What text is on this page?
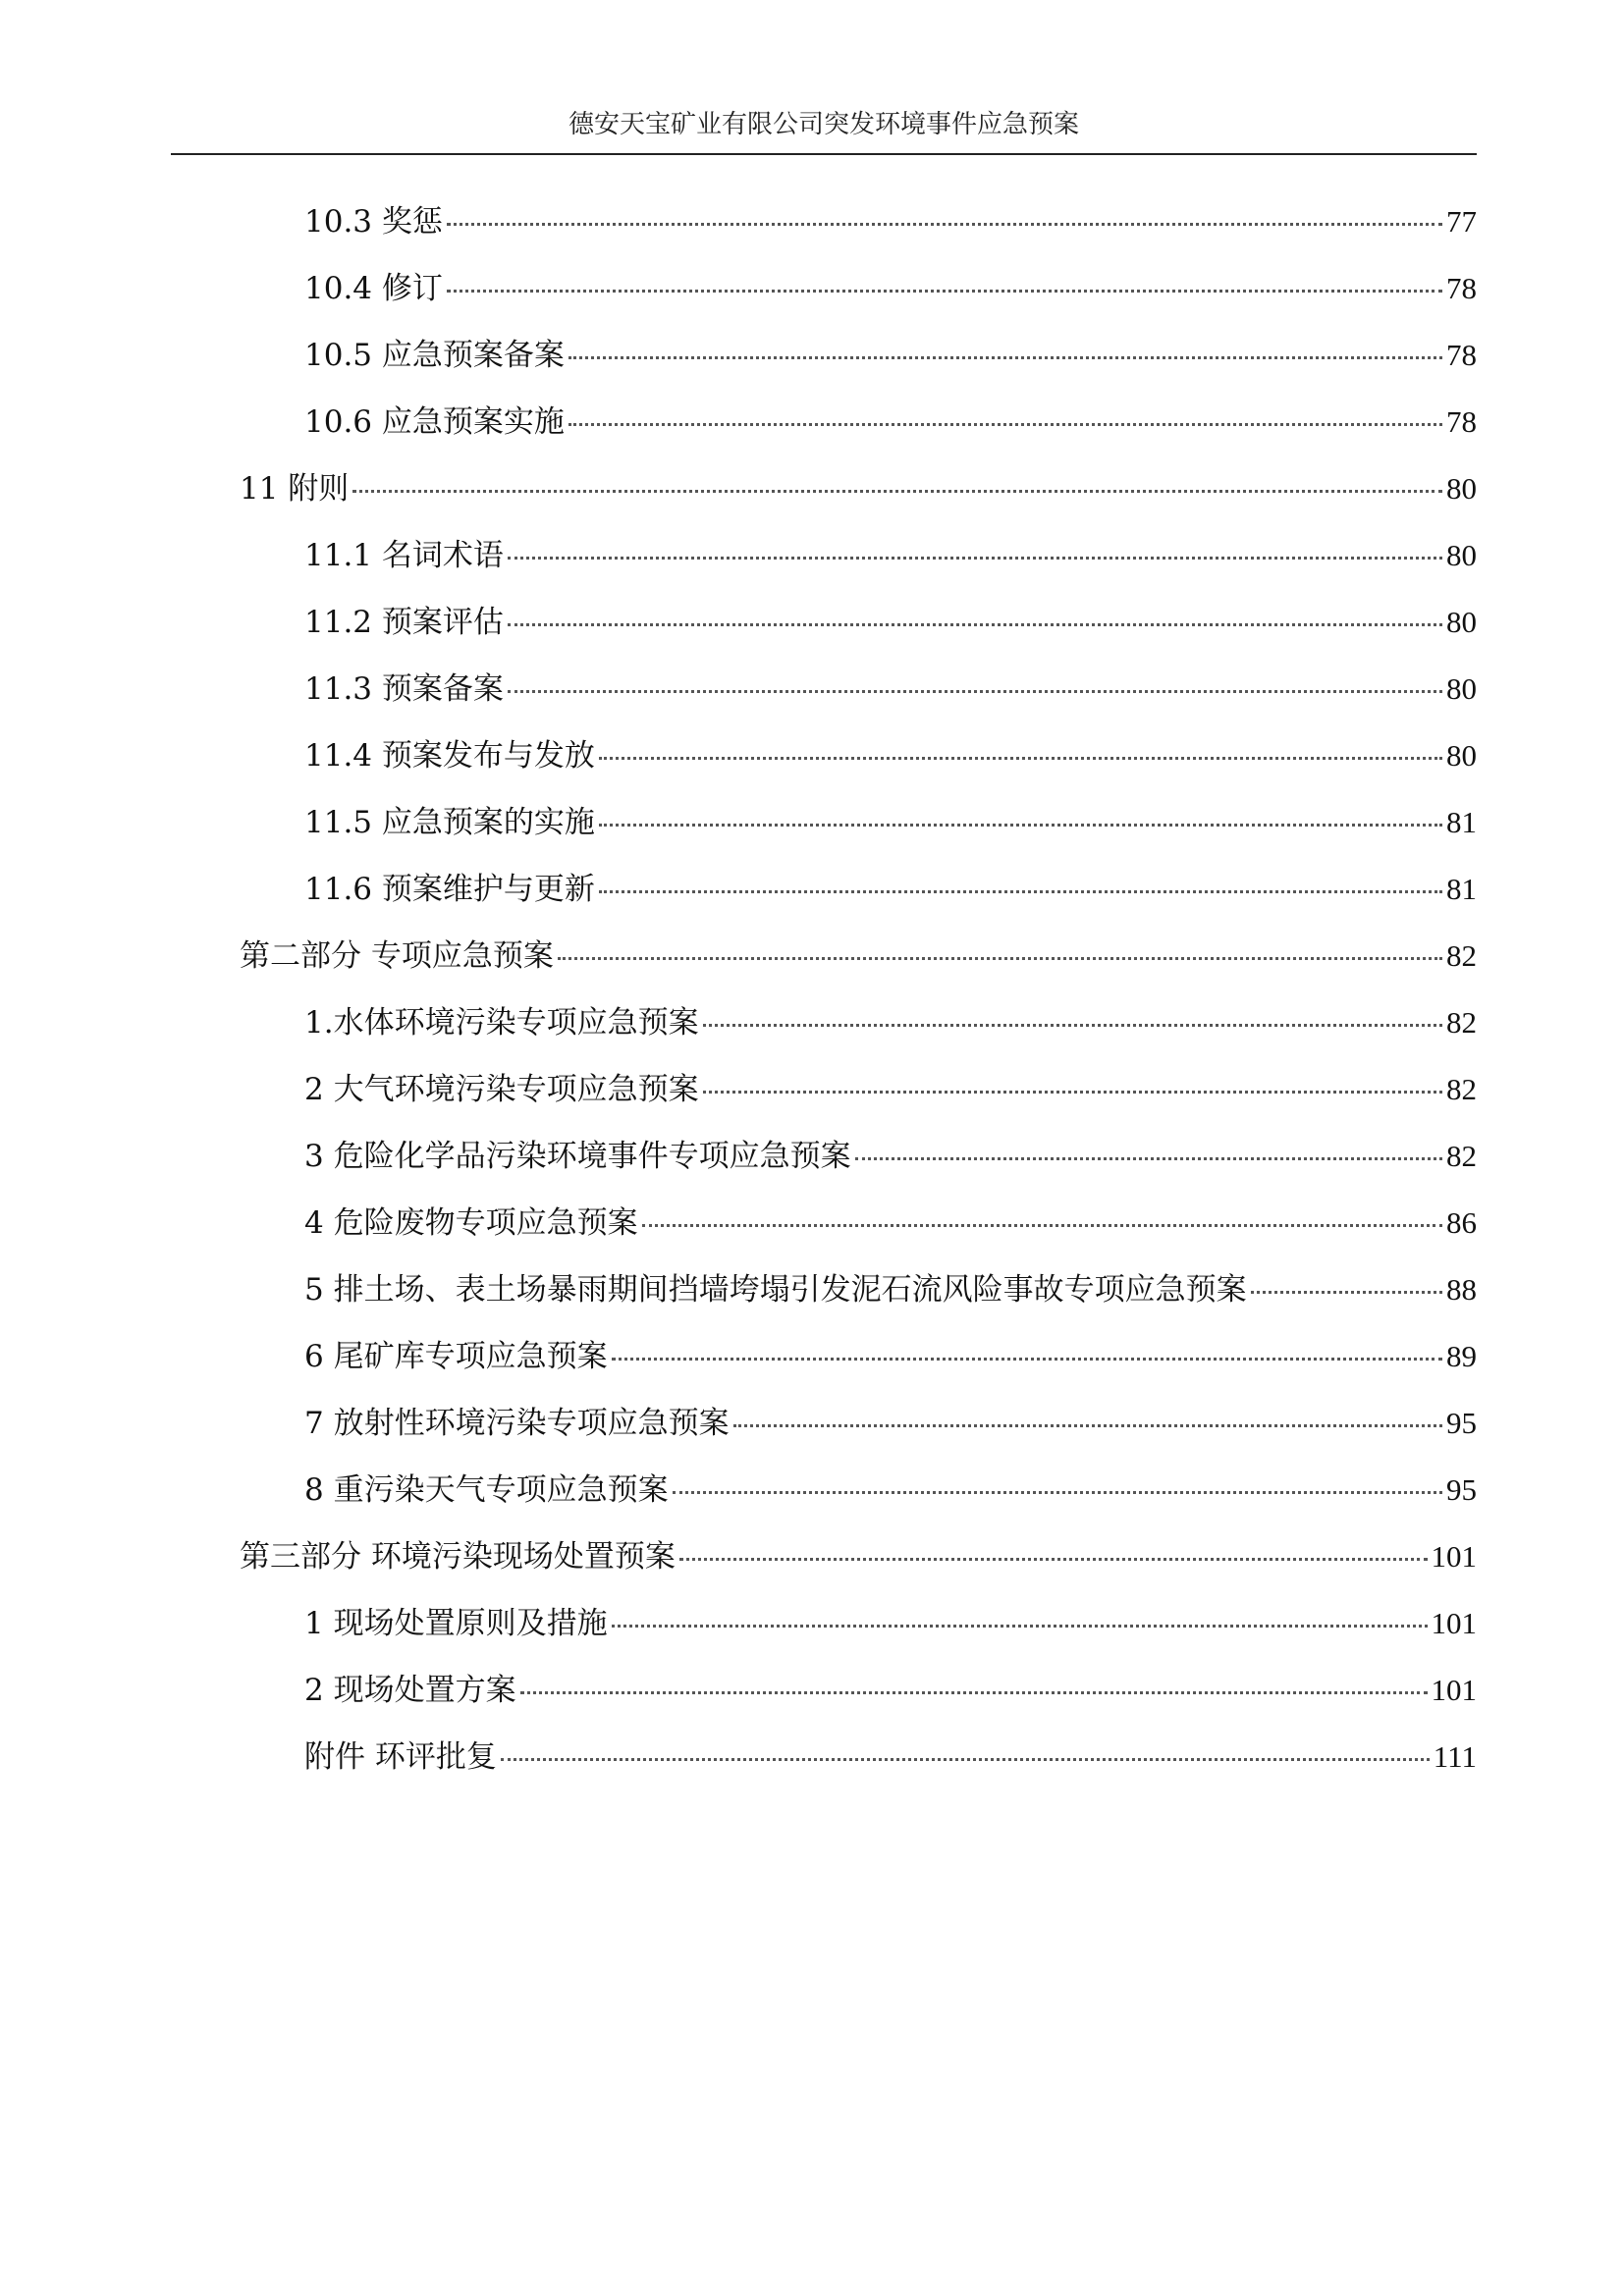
德安天宝矿业有限公司突发环境事件应急预案
10.3 奖惩	77
10.4 修订	78
10.5 应急预案备案	78
10.6 应急预案实施	78
11 附则	80
11.1 名词术语	80
11.2 预案评估	80
11.3 预案备案	80
11.4 预案发布与发放	80
11.5 应急预案的实施	81
11.6 预案维护与更新	81
第二部分 专项应急预案	82
1.水体环境污染专项应急预案	82
2 大气环境污染专项应急预案	82
3 危险化学品污染环境事件专项应急预案	82
4 危险废物专项应急预案	86
5 排土场、表土场暴雨期间挡墙垮塌引发泥石流风险事故专项应急预案	88
6 尾矿库专项应急预案	89
7 放射性环境污染专项应急预案	95
8 重污染天气专项应急预案	95
第三部分 环境污染现场处置预案	101
1 现场处置原则及措施	101
2 现场处置方案	101
附件 环评批复	111
